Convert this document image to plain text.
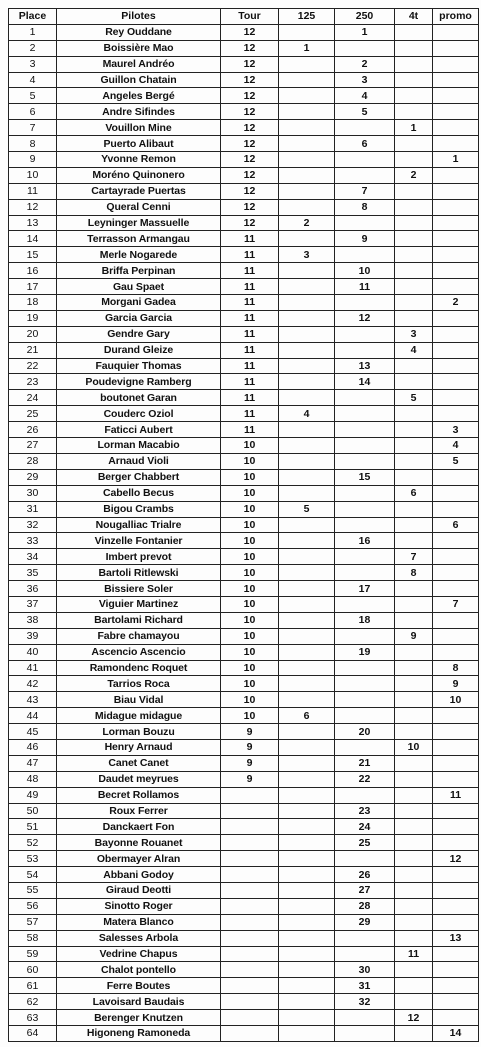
Place	Pilotes	Tour	125	250	4t	promo
1	Rey Ouddane	12		1		
2	Boissière Mao	12	1			
3	Maurel Andréo	12		2		
4	Guillon Chatain	12		3		
5	Angeles Bergé	12		4		
6	Andre Sifindes	12		5		
7	Vouillon Mine	12			1	
8	Puerto Alibaut	12		6		
9	Yvonne Remon	12				1
10	Moréno Quinonero	12			2	
11	Cartayrade Puertas	12		7		
12	Queral Cenni	12		8		
13	Leyninger Massuelle	12	2			
14	Terrasson Armangau	11		9		
15	Merle Nogarede	11	3			
16	Briffa Perpinan	11		10		
17	Gau Spaet	11		11		
18	Morgani Gadea	11				2
19	Garcia Garcia	11		12		
20	Gendre Gary	11			3	
21	Durand Gleize	11			4	
22	Fauquier Thomas	11		13		
23	Poudevigne Ramberg	11		14		
24	boutonet Garan	11			5	
25	Couderc Oziol	11	4			
26	Faticci Aubert	11				3
27	Lorman Macabio	10				4
28	Arnaud Violi	10				5
29	Berger Chabbert	10		15		
30	Cabello Becus	10			6	
31	Bigou Crambs	10	5			
32	Nougalliac Trialre	10				6
33	Vinzelle Fontanier	10		16		
34	Imbert prevot	10			7	
35	Bartoli Ritlewski	10			8	
36	Bissiere Soler	10		17		
37	Viguier Martinez	10				7
38	Bartolami Richard	10		18		
39	Fabre chamayou	10			9	
40	Ascencio Ascencio	10		19		
41	Ramondenc Roquet	10				8
42	Tarrios Roca	10				9
43	Biau Vidal	10				10
44	Midague midague	10	6			
45	Lorman Bouzu	9		20		
46	Henry Arnaud	9			10	
47	Canet Canet	9		21		
48	Daudet meyrues	9		22		
49	Becret Rollamos					11
50	Roux Ferrer			23		
51	Danckaert Fon			24		
52	Bayonne Rouanet			25		
53	Obermayer Alran					12
54	Abbani Godoy			26		
55	Giraud Deotti			27		
56	Sinotto Roger			28		
57	Matera Blanco			29		
58	Salesses Arbola					13
59	Vedrine Chapus				11	
60	Chalot pontello			30		
61	Ferre Boutes			31		
62	Lavoisard Baudais			32		
63	Berenger Knutzen				12	
64	Higoneng Ramoneda					14
